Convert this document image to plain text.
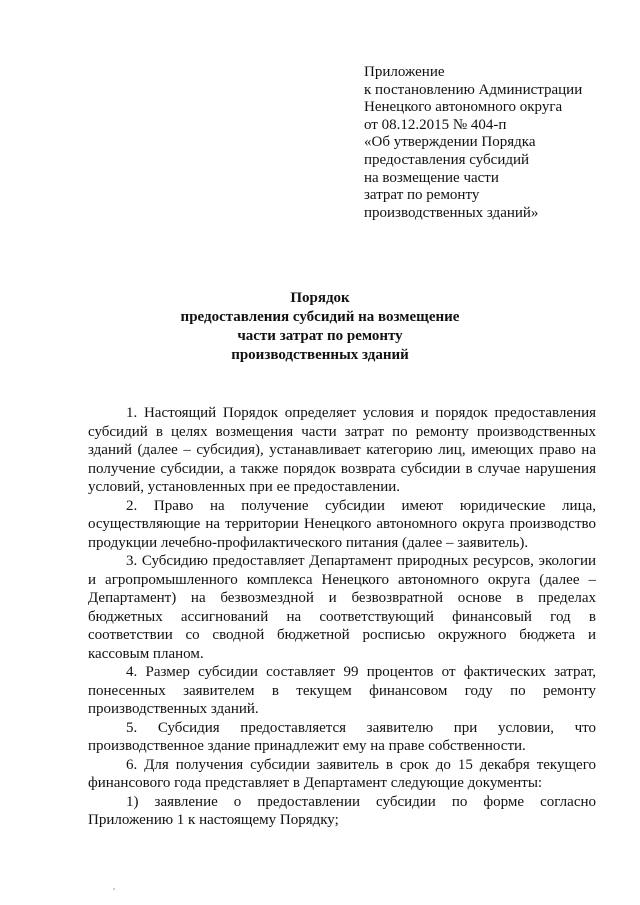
Приложение
к постановлению Администрации
Ненецкого автономного округа
от 08.12.2015 № 404-п
«Об утверждении Порядка
предоставления субсидий
на возмещение части
затрат по ремонту
производственных зданий»
Порядок
предоставления субсидий на возмещение
части затрат по ремонту
производственных зданий

1. Настоящий Порядок определяет условия и порядок предоставления субсидий в целях возмещения части затрат по ремонту производственных зданий (далее – субсидия), устанавливает категорию лиц, имеющих право на получение субсидии, а также порядок возврата субсидии в случае нарушения условий, установленных при ее предоставлении.

2. Право на получение субсидии имеют юридические лица, осуществляющие на территории Ненецкого автономного округа производство продукции лечебно-профилактического питания (далее – заявитель).

3. Субсидию предоставляет Департамент природных ресурсов, экологии и агропромышленного комплекса Ненецкого автономного округа (далее – Департамент) на безвозмездной и безвозвратной основе в пределах бюджетных ассигнований на соответствующий финансовый год в соответствии со сводной бюджетной росписью окружного бюджета и кассовым планом.

4. Размер субсидии составляет 99 процентов от фактических затрат, понесенных заявителем в текущем финансовом году по ремонту производственных зданий.

5. Субсидия предоставляется заявителю при условии, что производственное здание принадлежит ему на праве собственности.

6. Для получения субсидии заявитель в срок до 15 декабря текущего финансового года представляет в Департамент следующие документы:

1) заявление о предоставлении субсидии по форме согласно Приложению 1 к настоящему Порядку;
